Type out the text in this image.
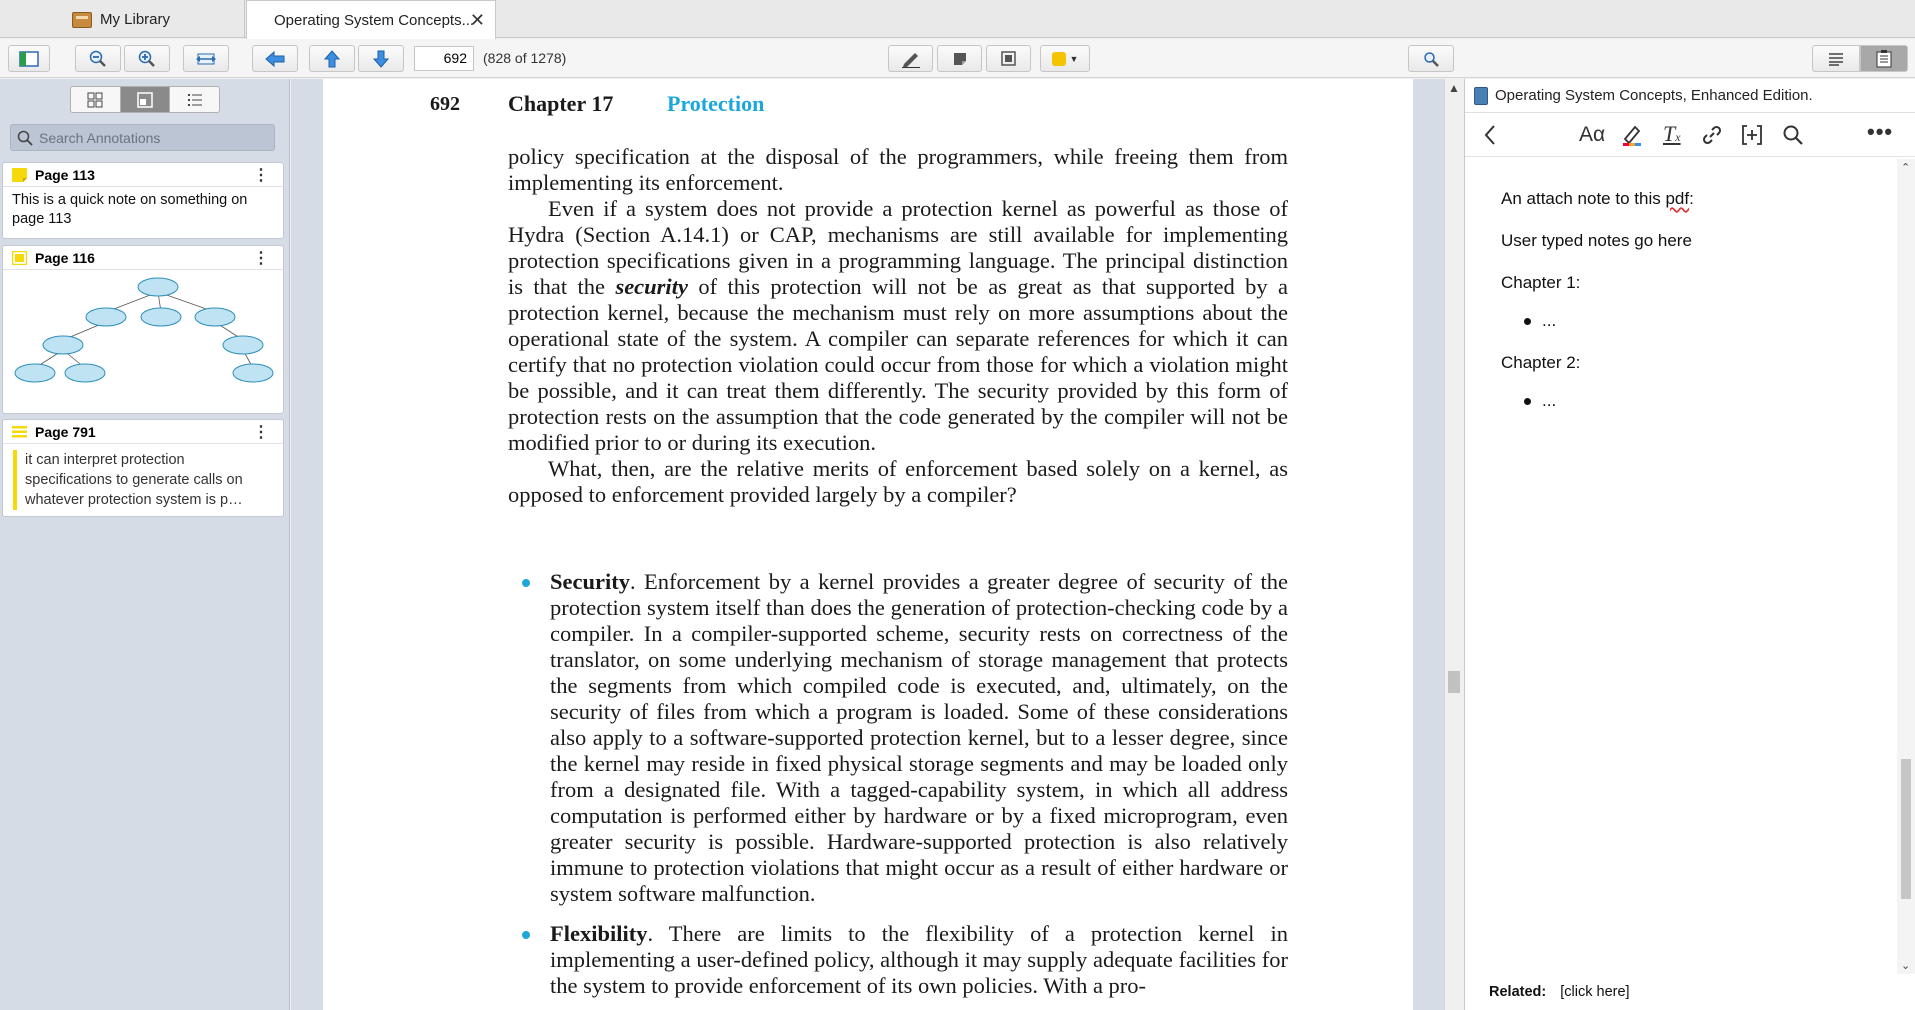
My Library	Operating System Concepts...
✕
692	(828 of 1278)	▼
Search Annotations
Page 113	⋮
This is a quick note on something on page 113
Page 116	⋮
Page 791	⋮
it can interpret protection specifications to generate calls on whatever protection system is p…
692 Chapter 17 Protection

policy specification at the disposal of the programmers, while freeing them from implementing its enforcement.

Even if a system does not provide a protection kernel as powerful as those of Hydra (Section A.14.1) or CAP, mechanisms are still available for implementing protection specifications given in a programming language. The principal distinction is that the security of this protection will not be as great as that supported by a protection kernel, because the mechanism must rely on more assumptions about the operational state of the system. A compiler can separate references for which it can certify that no protection violation could occur from those for which a violation might be possible, and it can treat them differently. The security provided by this form of protection rests on the assumption that the code generated by the compiler will not be modified prior to or during its execution.

What, then, are the relative merits of enforcement based solely on a kernel, as opposed to enforcement provided largely by a compiler?

Security. Enforcement by a kernel provides a greater degree of security of the protection system itself than does the generation of protection-checking code by a compiler. In a compiler-supported scheme, security rests on correctness of the translator, on some underlying mechanism of storage management that protects the segments from which compiled code is executed, and, ultimately, on the security of files from which a program is loaded. Some of these considerations also apply to a software-supported protection kernel, but to a lesser degree, since the kernel may reside in fixed physical storage segments and may be loaded only from a designated file. With a tagged-capability system, in which all address computation is performed either by hardware or by a fixed microprogram, even greater security is possible. Hardware-supported protection is also relatively immune to protection violations that might occur as a result of either hardware or system software malfunction.
Flexibility. There are limits to the flexibility of a protection kernel in implementing a user-defined policy, although it may supply adequate facilities for the system to provide enforcement of its own policies. With a pro-
▲ Operating System Concepts, Enhanced Edition.
Aα	Tx	•••

An attach note to this pdf:

User typed notes go here

Chapter 1:

...

Chapter 2:

...
⌃
⌄
Related: [click here]
